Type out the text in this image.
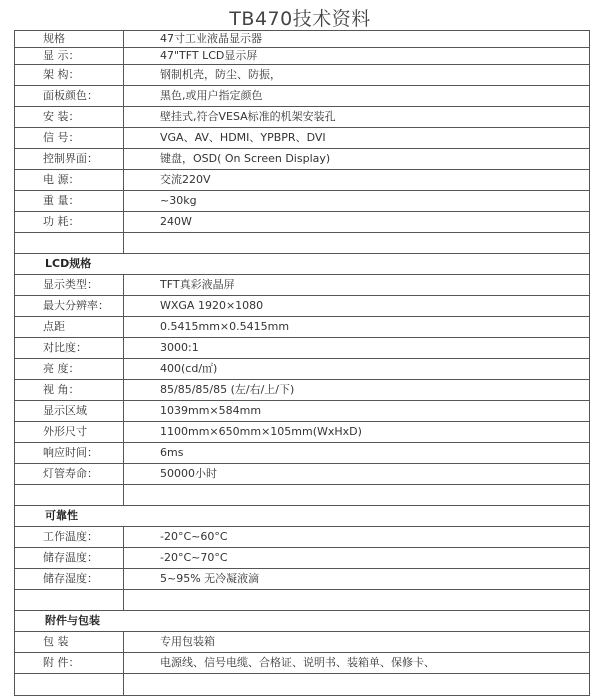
TB470技术资料
规格	47寸工业液晶显示器
显 示：	47"TFT LCD显示屏
架 构：	钢制机壳，防尘、防振，
面板颜色：	黑色,或用户指定颜色
安 装：	壁挂式,符合VESA标准的机架安装孔
信 号：	VGA、AV、HDMI、YPBPR、DVI
控制界面：	键盘，OSD( On Screen Display)
电 源：	交流220V
重 量：	~30kg
功 耗：	240W

LCD规格	
显示类型：	TFT真彩液晶屏
最大分辨率：	WXGA 1920×1080
点距	0.5415mm×0.5415mm
对比度：	3000:1
亮 度：	400(cd/㎡)
视 角：	85/85/85/85 (左/右/上/下)
显示区域	1039mm×584mm
外形尺寸	1100mm×650mm×105mm(WxHxD)
响应时间：	6ms
灯管寿命：	50000小时

可靠性	
工作温度：	-20°C~60°C
储存温度：	-20°C~70°C
储存湿度：	5~95% 无冷凝液滴

附件与包装	
包 装	专用包装箱
附 件：	电源线、信号电缆、合格证、说明书、装箱单、保修卡、
